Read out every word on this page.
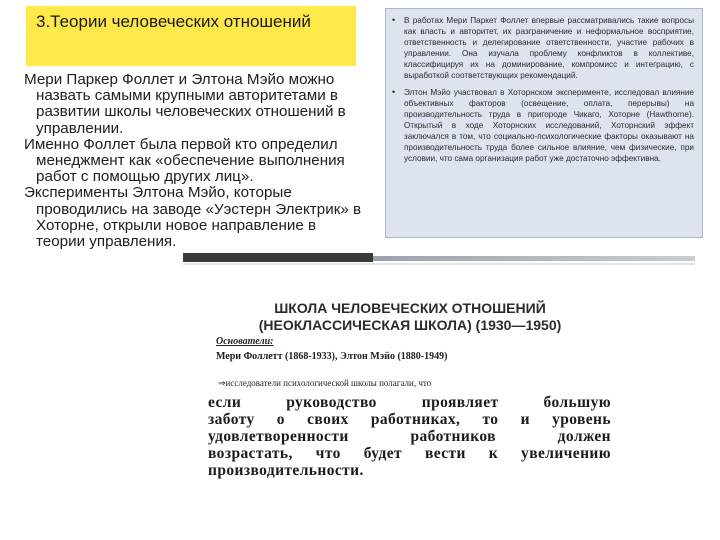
3.Теории человеческих отношений

Мери Паркер Фоллет и Элтона Мэйо можно
назвать самыми крупными авторитетами в
развитии школы человеческих отношений в
управлении.

Именно Фоллет была первой кто определил
менеджмент как «обеспечение выполнения
работ с помощью других лиц».

Эксперименты Элтона Мэйо, которые
проводились на заводе «Уэстерн Электрик» в
Хоторне, открыли новое направление в
теории управления.

•	В работах Мери Паркет Фоллет впервые рассматривались такие вопросы как власть и авторитет, их разграничение и неформальное восприятие, ответственность и делегирование ответственности, участие рабочих в управлении. Она изучала проблему конфликтов в коллективе, классифицируя их на доминирование, компромисс и интеграцию, с выработкой соответствующих рекомендаций.
•	Элтон Мэйо участвовал в Хоторнском эксперименте, исследовал влияние объективных факторов (освещение, оплата, перерывы) на производительность труда в пригороде Чикаго, Хоторне (Hawthorne). Открытый в ходе Хоторнских исследований, Хоторнский эффект заключался в том, что социально-психологические факторы оказывают на производительность труда более сильное влияние, чем физические, при условии, что сама организация работ уже достаточно эффективна.
ШКОЛА ЧЕЛОВЕЧЕСКИХ ОТНОШЕНИЙ
(НЕОКЛАССИЧЕСКАЯ ШКОЛА) (1930—1950)
Основатели:
Мери Фоллетт (1868-1933), Элтон Мэйо (1880-1949)
⇒исследователи психологической школы полагали, что
если руководство проявляет большую
заботу о своих работниках, то и уровень
удовлетворенности работников должен
возрастать, что будет вести к увеличению
производительности.
